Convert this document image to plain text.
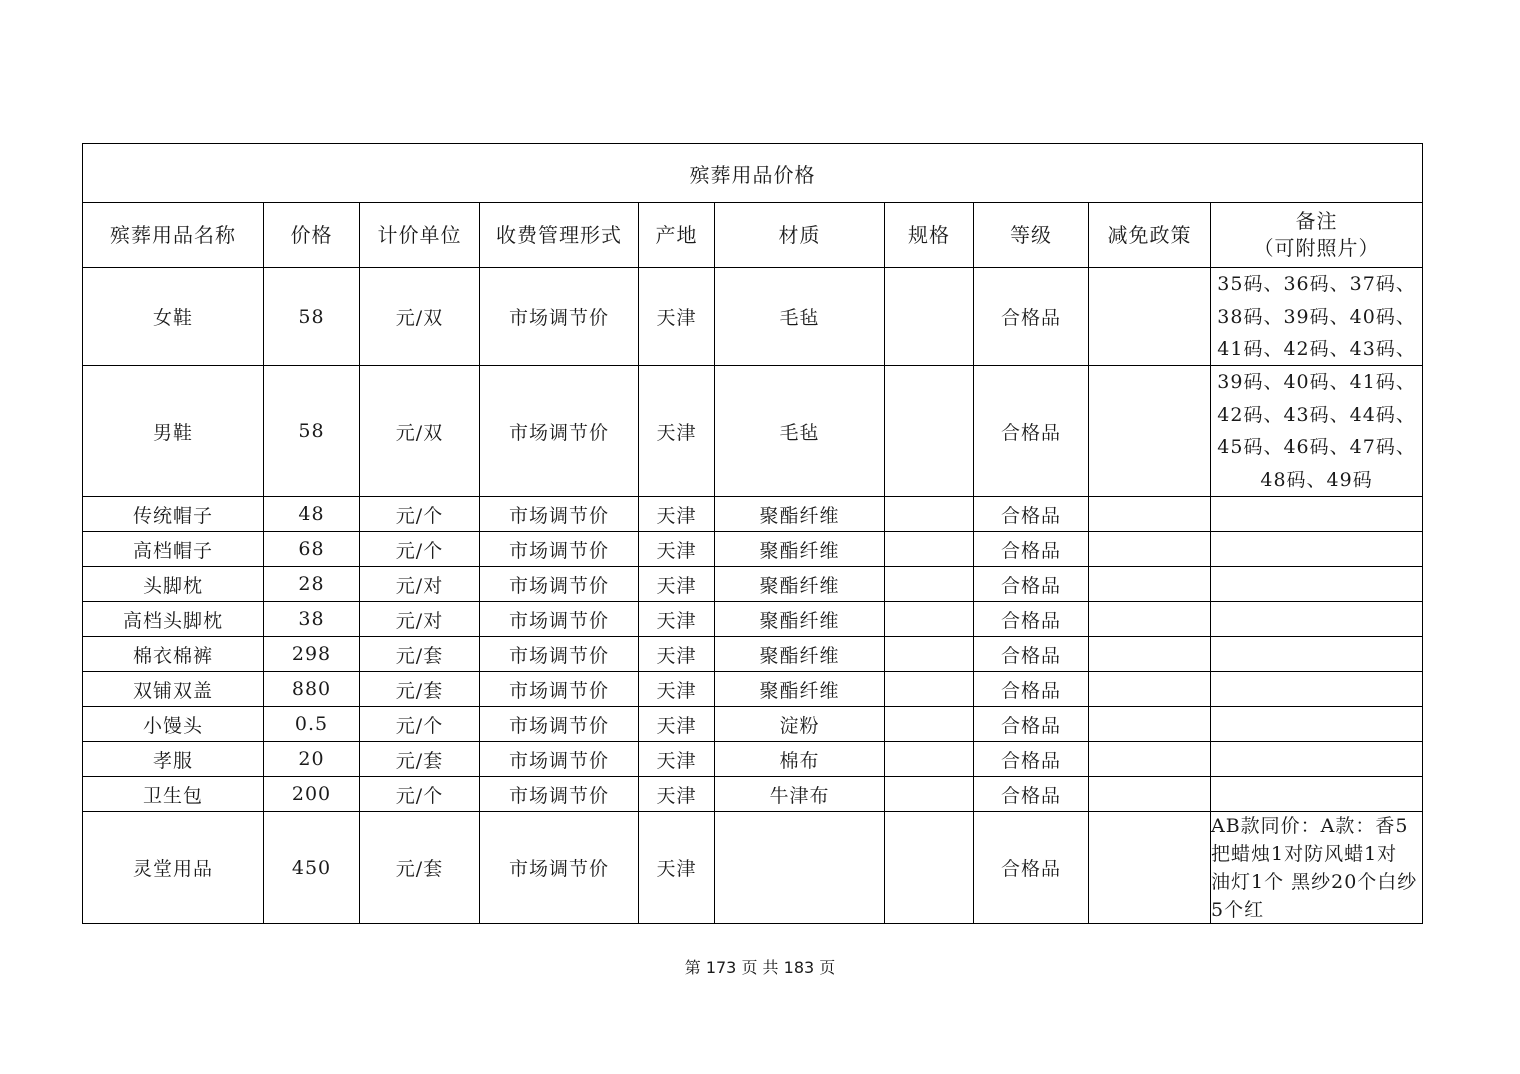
殡葬用品价格									
殡葬用品名称	价格	计价单位	收费管理形式	产地	材质	规格	等级	减免政策	备注
（可附照片）

女鞋	58	元/双	市场调节价	天津	毛毡		合格品		35码、36码、37码、38码、39码、40码、41码、42码、43码、

男鞋	58	元/双	市场调节价	天津	毛毡		合格品		39码、40码、41码、42码、43码、44码、45码、46码、47码、
48码、49码

传统帽子	48	元/个	市场调节价	天津	聚酯纤维		合格品		
高档帽子	68	元/个	市场调节价	天津	聚酯纤维		合格品		
头脚枕	28	元/对	市场调节价	天津	聚酯纤维		合格品		
高档头脚枕	38	元/对	市场调节价	天津	聚酯纤维		合格品		
棉衣棉裤	298	元/套	市场调节价	天津	聚酯纤维		合格品		
双铺双盖	880	元/套	市场调节价	天津	聚酯纤维		合格品		
小馒头	0.5	元/个	市场调节价	天津	淀粉		合格品		
孝服	20	元/套	市场调节价	天津	棉布		合格品		
卫生包	200	元/个	市场调节价	天津	牛津布		合格品		
灵堂用品	450	元/套	市场调节价	天津			合格品		AB款同价：A款：香5把蜡烛1对防风蜡1对 油灯1个 黑纱20个白纱5个红
第 173 页 共 183 页
